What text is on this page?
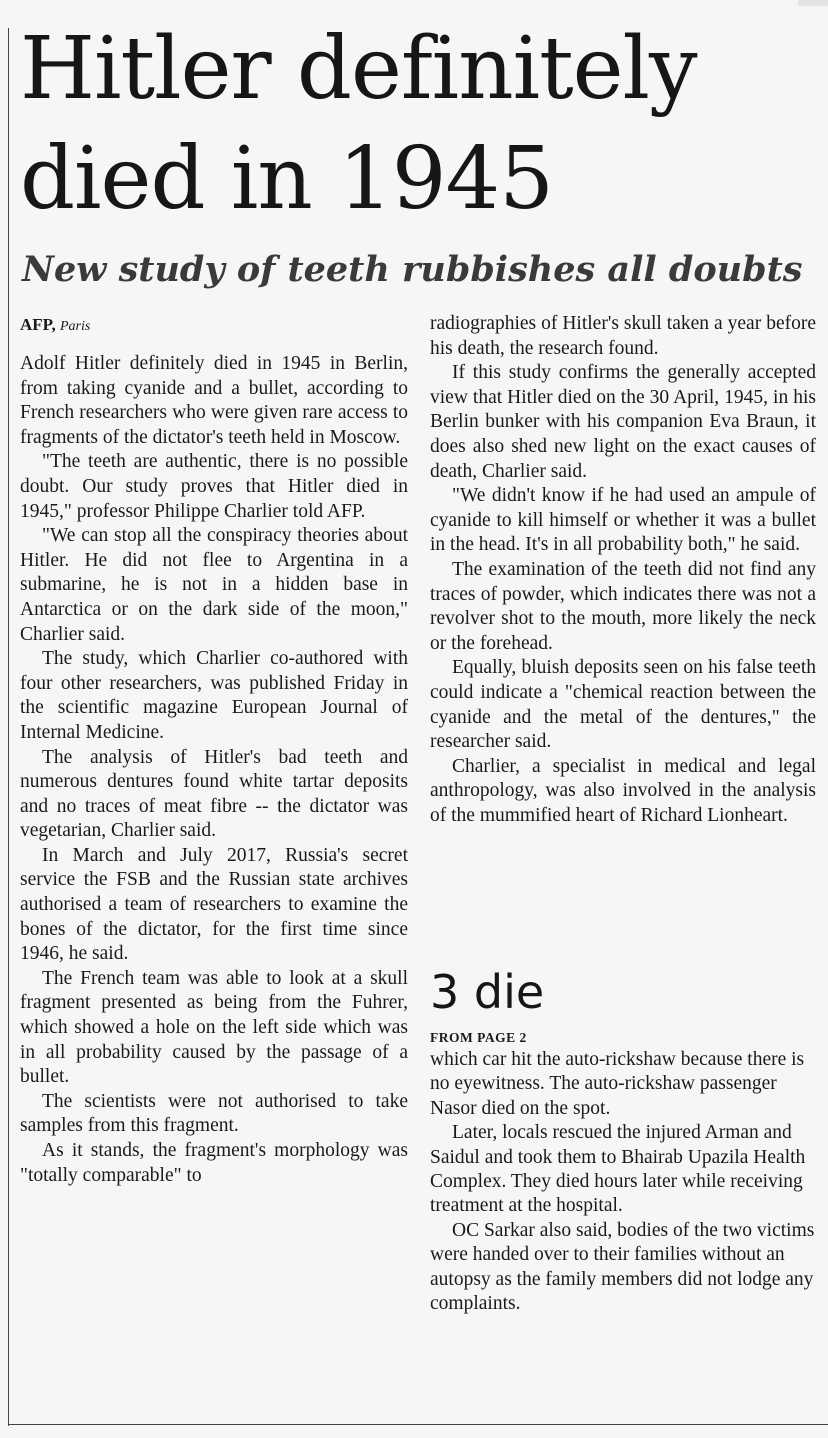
Hitler definitely died in 1945
New study of teeth rubbishes all doubts
AFP, Paris

Adolf Hitler definitely died in 1945 in Berlin, from taking cyanide and a bullet, according to French researchers who were given rare access to fragments of the dictator's teeth held in Moscow.

"The teeth are authentic, there is no possible doubt. Our study proves that Hitler died in 1945," professor Philippe Charlier told AFP.

"We can stop all the conspiracy theories about Hitler. He did not flee to Argentina in a submarine, he is not in a hidden base in Antarctica or on the dark side of the moon," Charlier said.

The study, which Charlier co-authored with four other researchers, was published Friday in the scientific magazine European Journal of Internal Medicine.

The analysis of Hitler's bad teeth and numerous dentures found white tartar deposits and no traces of meat fibre -- the dictator was vegetarian, Charlier said.

In March and July 2017, Russia's secret service the FSB and the Russian state archives authorised a team of researchers to examine the bones of the dictator, for the first time since 1946, he said.

The French team was able to look at a skull fragment presented as being from the Fuhrer, which showed a hole on the left side which was in all probability caused by the passage of a bullet.

The scientists were not authorised to take samples from this fragment.

As it stands, the fragment's morphology was "totally comparable" to

radiographies of Hitler's skull taken a year before his death, the research found.

If this study confirms the generally accepted view that Hitler died on the 30 April, 1945, in his Berlin bunker with his companion Eva Braun, it does also shed new light on the exact causes of death, Charlier said.

"We didn't know if he had used an ampule of cyanide to kill himself or whether it was a bullet in the head. It's in all probability both," he said.

The examination of the teeth did not find any traces of powder, which indicates there was not a revolver shot to the mouth, more likely the neck or the forehead.

Equally, bluish deposits seen on his false teeth could indicate a "chemical reaction between the cyanide and the metal of the dentures," the researcher said.

Charlier, a specialist in medical and legal anthropology, was also involved in the analysis of the mummified heart of Richard Lionheart.

3 die
FROM PAGE 2

which car hit the auto-rickshaw because there is no eyewitness. The auto-rickshaw passenger Nasor died on the spot.

Later, locals rescued the injured Arman and Saidul and took them to Bhairab Upazila Health Complex. They died hours later while receiving treatment at the hospital.

OC Sarkar also said, bodies of the two victims were handed over to their families without an autopsy as the family members did not lodge any complaints.
